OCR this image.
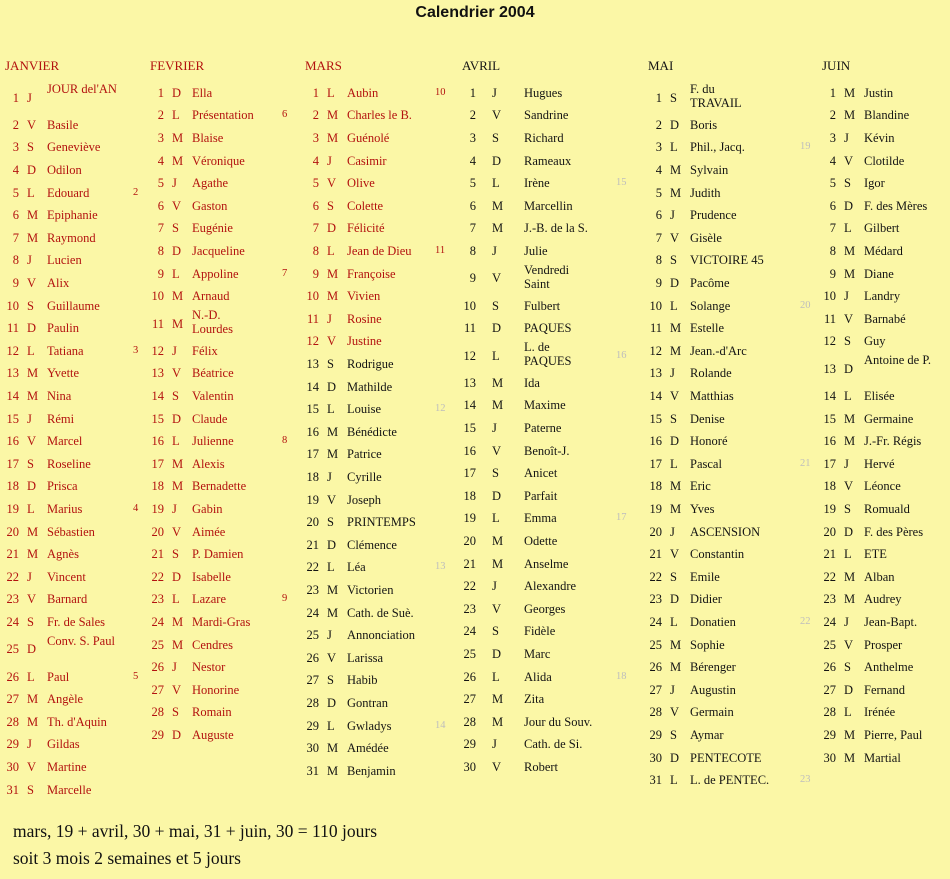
Calendrier 2004
JANVIER
1 J
JOUR del'AN
2 V Basile
3 S Geneviève
4 D Odilon
5 L Edouard	2
6 M Epiphanie
7 M Raymond
8 J Lucien
9 V Alix
10 S Guillaume
11 D Paulin
12 L Tatiana	3
13 M Yvette
14 M Nina
15 J Rémi
16 V Marcel
17 S Roseline
18 D Prisca
19 L Marius	4
20 M Sébastien
21 M Agnès
22 J Vincent
23 V Barnard
24 S Fr. de Sales
25 D
Conv. S. Paul
26 L Paul	5
27 M Angèle
28 M Th. d'Aquin
29 J Gildas
30 V Martine
31 S Marcelle
FEVRIER
1 D Ella
2 L Présentation	6
3 M Blaise
4 M Véronique
5 J Agathe
6 V Gaston
7 S Eugénie
8 D Jacqueline
9 L Appoline	7
10 M Arnaud
11 M
N.-D. Lourdes
12 J Félix
13 V Béatrice
14 S Valentin
15 D Claude
16 L Julienne	8
17 M Alexis
18 M Bernadette
19 J Gabin
20 V Aimée
21 S P. Damien
22 D Isabelle
23 L Lazare	9
24 M Mardi-Gras
25 M Cendres
26 J Nestor
27 V Honorine
28 S Romain
29 D Auguste
MARS
1 L Aubin	10
2 M Charles le B.
3 M Guénolé
4 J Casimir
5 V Olive
6 S Colette
7 D Félicité
8 L Jean de Dieu	11
9 M Françoise
10 M Vivien
11 J Rosine
12 V Justine
13 S Rodrigue
14 D Mathilde
15 L Louise	12
16 M Bénédicte
17 M Patrice
18 J Cyrille
19 V Joseph
20 S PRINTEMPS
21 D Clémence
22 L Léa	13
23 M Victorien
24 M Cath. de Suè.
25 J Annonciation
26 V Larissa
27 S Habib
28 D Gontran
29 L Gwladys	14
30 M Amédée
31 M Benjamin
AVRIL
1 J Hugues
2 V Sandrine
3 S Richard
4 D Rameaux
5 L Irène	15
6 M Marcellin
7 M J.-B. de la S.
8 J Julie
9 V
Vendredi Saint
10 S Fulbert
11 D PAQUES
12 L
L. de PAQUES	16
13 M Ida
14 M Maxime
15 J Paterne
16 V Benoît-J.
17 S Anicet
18 D Parfait
19 L Emma	17
20 M Odette
21 M Anselme
22 J Alexandre
23 V Georges
24 S Fidèle
25 D Marc
26 L Alida	18
27 M Zita
28 M Jour du Souv.
29 J Cath. de Si.
30 V Robert
MAI
1 S
F. du TRAVAIL
2 D Boris
3 L Phil., Jacq.	19
4 M Sylvain
5 M Judith
6 J Prudence
7 V Gisèle
8 S VICTOIRE 45
9 D Pacôme
10 L Solange	20
11 M Estelle
12 M Jean.-d'Arc
13 J Rolande
14 V Matthias
15 S Denise
16 D Honoré
17 L Pascal	21
18 M Eric
19 M Yves
20 J ASCENSION
21 V Constantin
22 S Emile
23 D Didier
24 L Donatien	22
25 M Sophie
26 M Bérenger
27 J Augustin
28 V Germain
29 S Aymar
30 D PENTECOTE
31 L L. de PENTEC.	23
JUIN
1 M Justin
2 M Blandine
3 J Kévin
4 V Clotilde
5 S Igor
6 D F. des Mères
7 L Gilbert
8 M Médard
9 M Diane
10 J Landry
11 V Barnabé
12 S Guy
13 D
Antoine de P.
14 L Elisée
15 M Germaine
16 M J.-Fr. Régis
17 J Hervé
18 V Léonce
19 S Romuald
20 D F. des Pères
21 L ETE
22 M Alban
23 M Audrey
24 J Jean-Bapt.
25 V Prosper
26 S Anthelme
27 D Fernand
28 L Irénée
29 M Pierre, Paul
30 M Martial
mars, 19 + avril, 30 + mai, 31 + juin, 30 = 110 jours
soit 3 mois 2 semaines et 5 jours
